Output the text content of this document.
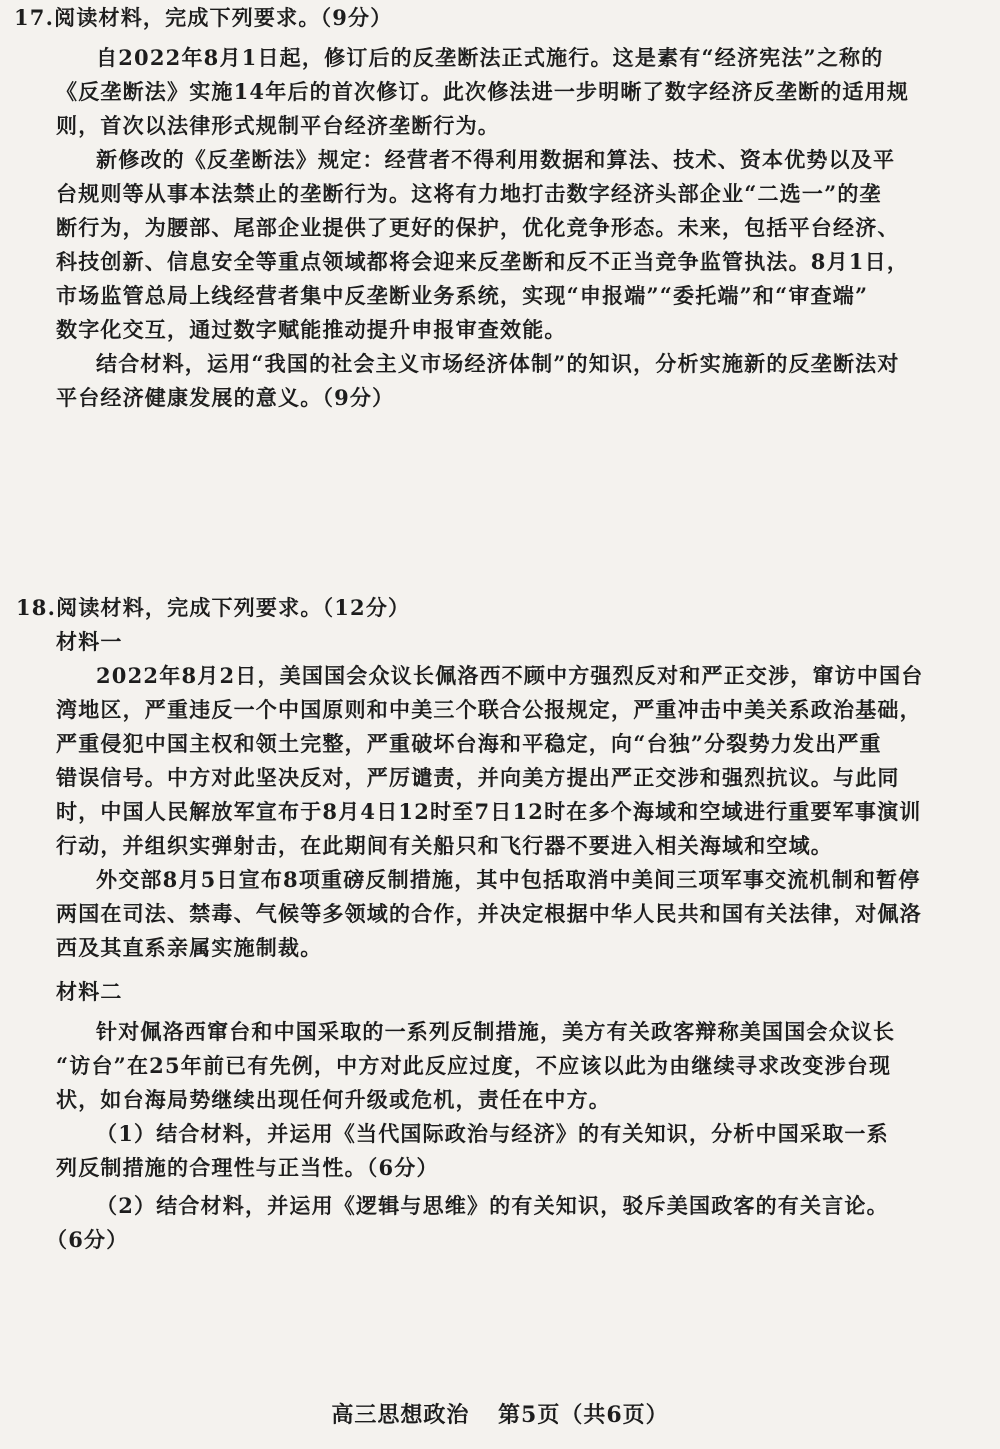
17.阅读材料，完成下列要求。（9分）
自2022年8月1日起，修订后的反垄断法正式施行。这是素有“经济宪法”之称的
《反垄断法》实施14年后的首次修订。此次修法进一步明晰了数字经济反垄断的适用规
则，首次以法律形式规制平台经济垄断行为。
新修改的《反垄断法》规定：经营者不得利用数据和算法、技术、资本优势以及平
台规则等从事本法禁止的垄断行为。这将有力地打击数字经济头部企业“二选一”的垄
断行为，为腰部、尾部企业提供了更好的保护，优化竞争形态。未来，包括平台经济、
科技创新、信息安全等重点领域都将会迎来反垄断和反不正当竞争监管执法。8月1日，
市场监管总局上线经营者集中反垄断业务系统，实现“申报端”“委托端”和“审查端”
数字化交互，通过数字赋能推动提升申报审查效能。
结合材料，运用“我国的社会主义市场经济体制”的知识，分析实施新的反垄断法对
平台经济健康发展的意义。（9分）
18.阅读材料，完成下列要求。（12分）
材料一
2022年8月2日，美国国会众议长佩洛西不顾中方强烈反对和严正交涉，窜访中国台
湾地区，严重违反一个中国原则和中美三个联合公报规定，严重冲击中美关系政治基础，
严重侵犯中国主权和领土完整，严重破坏台海和平稳定，向“台独”分裂势力发出严重
错误信号。中方对此坚决反对，严厉谴责，并向美方提出严正交涉和强烈抗议。与此同
时，中国人民解放军宣布于8月4日12时至7日12时在多个海域和空域进行重要军事演训
行动，并组织实弹射击，在此期间有关船只和飞行器不要进入相关海域和空域。
外交部8月5日宣布8项重磅反制措施，其中包括取消中美间三项军事交流机制和暂停
两国在司法、禁毒、气候等多领域的合作，并决定根据中华人民共和国有关法律，对佩洛
西及其直系亲属实施制裁。
材料二
针对佩洛西窜台和中国采取的一系列反制措施，美方有关政客辩称美国国会众议长
“访台”在25年前已有先例，中方对此反应过度，不应该以此为由继续寻求改变涉台现
状，如台海局势继续出现任何升级或危机，责任在中方。
（1）结合材料，并运用《当代国际政治与经济》的有关知识，分析中国采取一系
列反制措施的合理性与正当性。（6分）
（2）结合材料，并运用《逻辑与思维》的有关知识，驳斥美国政客的有关言论。
（6分）
高三思想政治 第5页（共6页）
